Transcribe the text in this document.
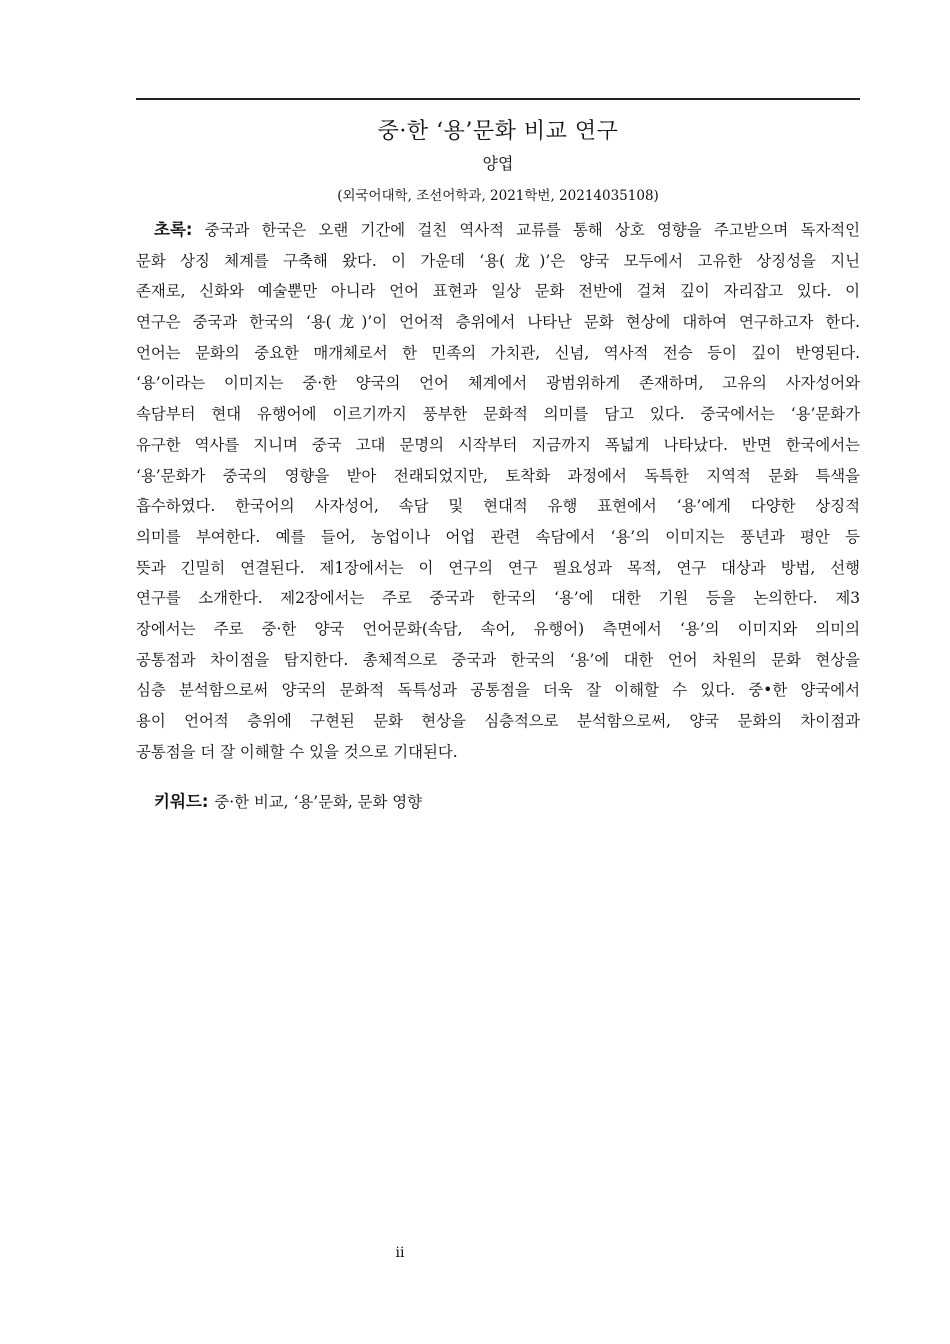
중·한 ‘용’문화 비교 연구
양엽
(외국어대학, 조선어학과, 2021학번, 20214035108)
초록: 중국과 한국은 오랜 기간에 걸친 역사적 교류를 통해 상호 영향을 주고받으며 독자적인
문화 상징 체계를 구축해 왔다. 이 가운데 ‘용(龙)’은 양국 모두에서 고유한 상징성을 지닌
존재로, 신화와 예술뿐만 아니라 언어 표현과 일상 문화 전반에 걸쳐 깊이 자리잡고 있다. 이
연구은 중국과 한국의 ‘용(龙)’이 언어적 층위에서 나타난 문화 현상에 대하여 연구하고자 한다.
언어는 문화의 중요한 매개체로서 한 민족의 가치관, 신념, 역사적 전승 등이 깊이 반영된다.
‘용’이라는 이미지는 중·한 양국의 언어 체계에서 광범위하게 존재하며, 고유의 사자성어와
속담부터 현대 유행어에 이르기까지 풍부한 문화적 의미를 담고 있다. 중국에서는 ‘용’문화가
유구한 역사를 지니며 중국 고대 문명의 시작부터 지금까지 폭넓게 나타났다. 반면 한국에서는
‘용’문화가 중국의 영향을 받아 전래되었지만, 토착화 과정에서 독특한 지역적 문화 특색을
흡수하였다. 한국어의 사자성어, 속담 및 현대적 유행 표현에서 ‘용’에게 다양한 상징적
의미를 부여한다. 예를 들어, 농업이나 어업 관련 속담에서 ‘용’의 이미지는 풍년과 평안 등
뜻과 긴밀히 연결된다. 제1장에서는 이 연구의 연구 필요성과 목적, 연구 대상과 방법, 선행
연구를 소개한다. 제2장에서는 주로 중국과 한국의 ‘용’에 대한 기원 등을 논의한다. 제3
장에서는 주로 중·한 양국 언어문화(속담, 속어, 유행어) 측면에서 ‘용’의 이미지와 의미의
공통점과 차이점을 탐지한다. 총체적으로 중국과 한국의 ‘용’에 대한 언어 차원의 문화 현상을
심층 분석함으로써 양국의 문화적 독특성과 공통점을 더욱 잘 이해할 수 있다. 중•한 양국에서
용이 언어적 층위에 구현된 문화 현상을 심층적으로 분석함으로써, 양국 문화의 차이점과
공통점을 더 잘 이해할 수 있을 것으로 기대된다.
키워드: 중·한 비교, ‘용’문화, 문화 영향
ii
